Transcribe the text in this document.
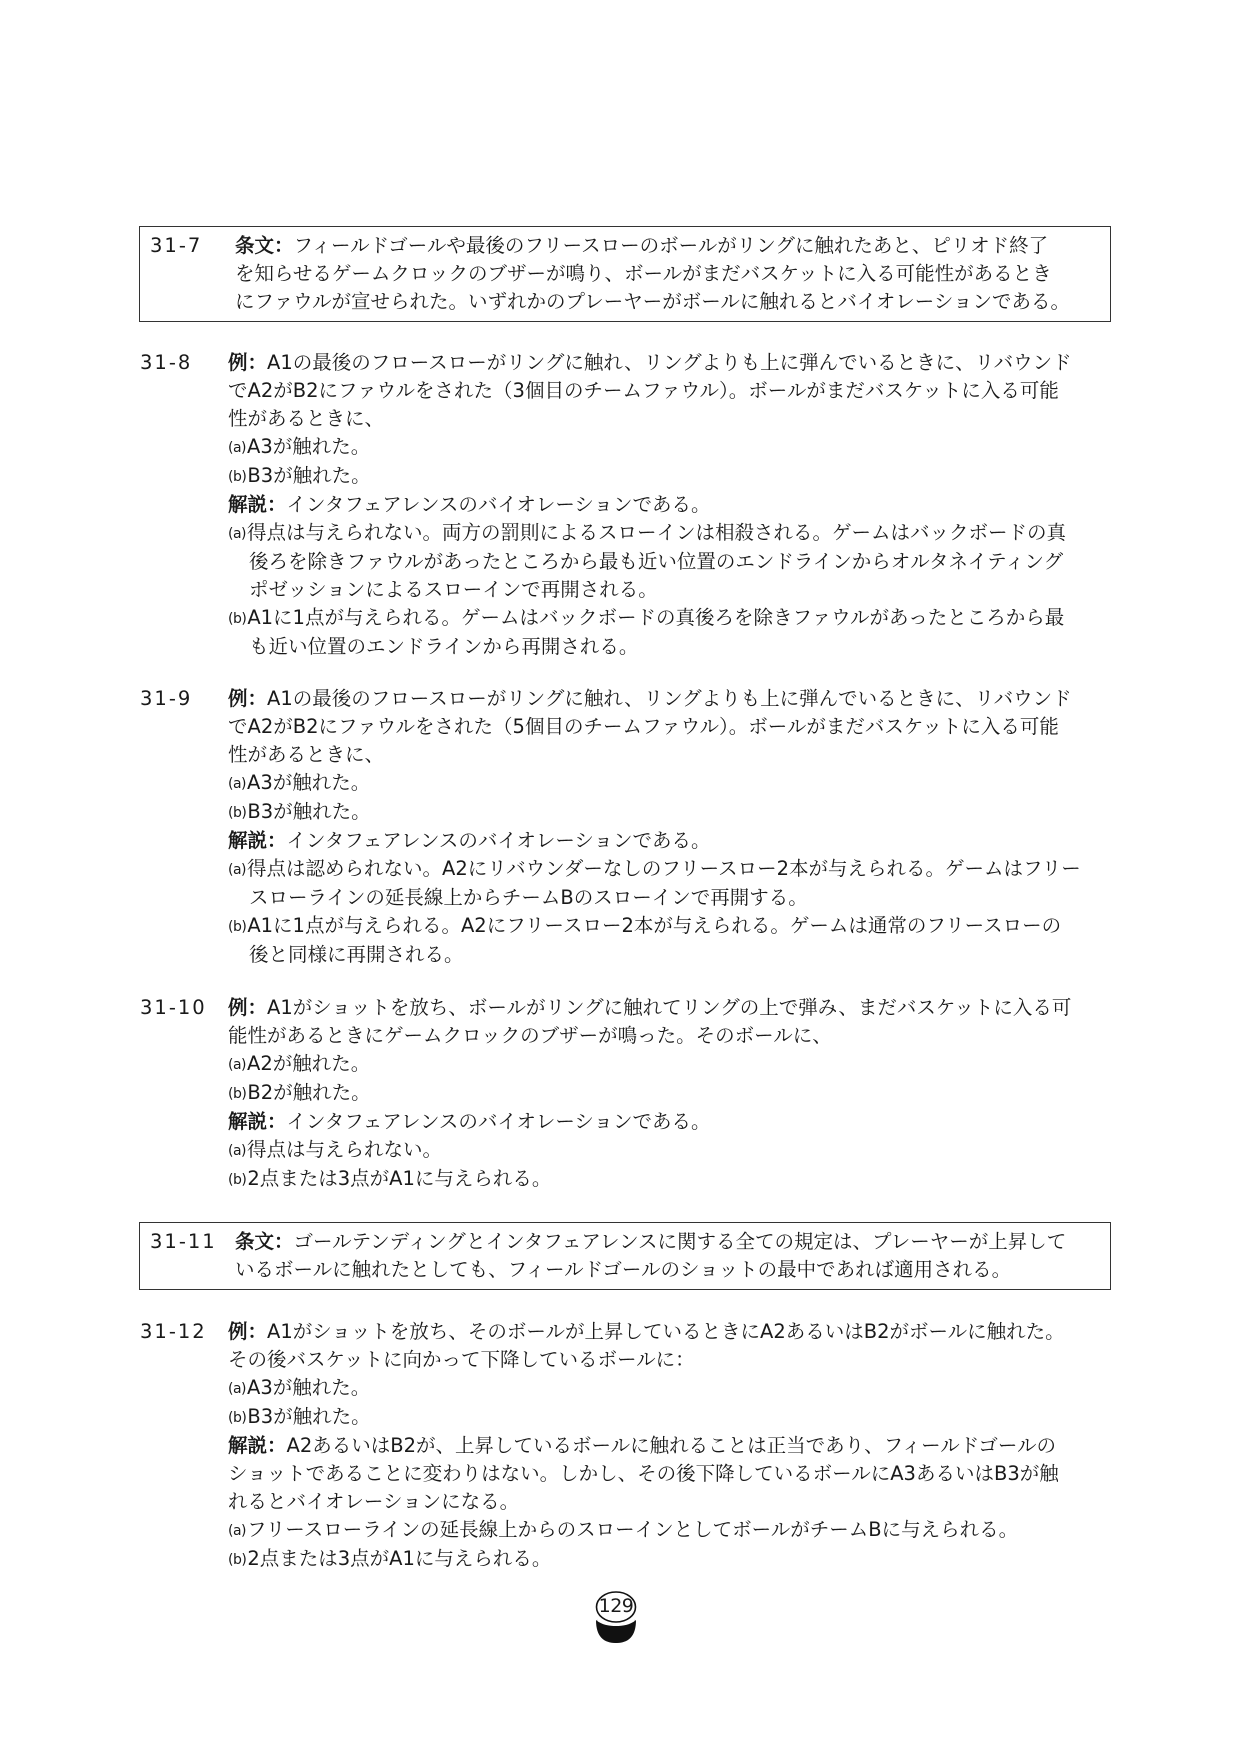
31-7 条文：フィールドゴールや最後のフリースローのボールがリングに触れたあと、ピリオド終了
を知らせるゲームクロックのブザーが鳴り、ボールがまだバスケットに入る可能性があるとき
にファウルが宣せられた。いずれかのプレーヤーがボールに触れるとバイオレーションである。
31-8 例：A1の最後のフロースローがリングに触れ、リングよりも上に弾んでいるときに、リバウンド
でA2がB2にファウルをされた（3個目のチームファウル）。ボールがまだバスケットに入る可能
性があるときに、
(a)A3が触れた。
(b)B3が触れた。
解説：インタフェアレンスのバイオレーションである。
(a)得点は与えられない。両方の罰則によるスローインは相殺される。ゲームはバックボードの真
後ろを除きファウルがあったところから最も近い位置のエンドラインからオルタネイティング
ポゼッションによるスローインで再開される。
(b)A1に1点が与えられる。ゲームはバックボードの真後ろを除きファウルがあったところから最
も近い位置のエンドラインから再開される。
31-9 例：A1の最後のフロースローがリングに触れ、リングよりも上に弾んでいるときに、リバウンド
でA2がB2にファウルをされた（5個目のチームファウル）。ボールがまだバスケットに入る可能
性があるときに、
(a)A3が触れた。
(b)B3が触れた。
解説：インタフェアレンスのバイオレーションである。
(a)得点は認められない。A2にリバウンダーなしのフリースロー2本が与えられる。ゲームはフリー
スローラインの延長線上からチームBのスローインで再開する。
(b)A1に1点が与えられる。A2にフリースロー2本が与えられる。ゲームは通常のフリースローの
後と同様に再開される。
31-10 例：A1がショットを放ち、ボールがリングに触れてリングの上で弾み、まだバスケットに入る可
能性があるときにゲームクロックのブザーが鳴った。そのボールに、
(a)A2が触れた。
(b)B2が触れた。
解説：インタフェアレンスのバイオレーションである。
(a)得点は与えられない。
(b)2点または3点がA1に与えられる。
31-11 条文：ゴールテンディングとインタフェアレンスに関する全ての規定は、プレーヤーが上昇して
いるボールに触れたとしても、フィールドゴールのショットの最中であれば適用される。
31-12 例：A1がショットを放ち、そのボールが上昇しているときにA2あるいはB2がボールに触れた。
その後バスケットに向かって下降しているボールに：
(a)A3が触れた。
(b)B3が触れた。
解説：A2あるいはB2が、上昇しているボールに触れることは正当であり、フィールドゴールの
ショットであることに変わりはない。しかし、その後下降しているボールにA3あるいはB3が触
れるとバイオレーションになる。
(a)フリースローラインの延長線上からのスローインとしてボールがチームBに与えられる。
(b)2点または3点がA1に与えられる。
129
